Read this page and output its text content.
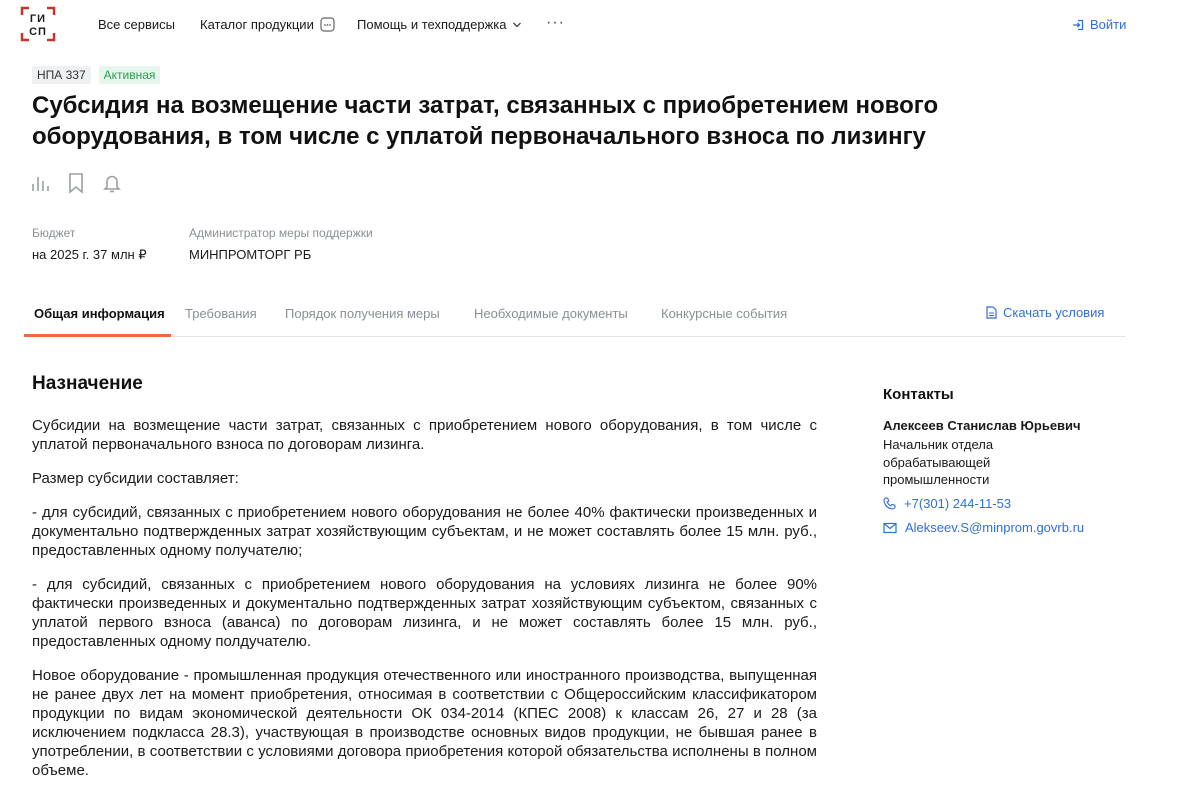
ГИ
СП	Все сервисы Каталог продукции	Помощь и техподдержка ···	Войти
НПА 337	Активная
Субсидия на возмещение части затрат, связанных с приобретением нового оборудования, в том числе с уплатой первоначального взноса по лизингу
Бюджет
на 2025 г. 37 млн ₽
Администратор меры поддержки
МИНПРОМТОРГ РБ
Общая информация Требования Порядок получения меры	Необходимые документы	Конкурсные события	Скачать условия
Назначение

Субсидии на возмещение части затрат, связанных с приобретением нового оборудования, в том числе с уплатой первоначального взноса по договорам лизинга.

Размер субсидии составляет:

- для субсидий, связанных с приобретением нового оборудования не более 40% фактически произведенных и документально подтвержденных затрат хозяйствующим субъектам, и не может составлять более 15 млн. руб., предоставленных одному получателю;

- для субсидий, связанных с приобретением нового оборудования на условиях лизинга не более 90% фактически произведенных и документально подтвержденных затрат хозяйствующим субъектом, связанных с уплатой первого взноса (аванса) по договорам лизинга, и не может составлять более 15 млн. руб., предоставленных одному полдучателю.

Новое оборудование - промышленная продукция отечественного или иностранного производства, выпущенная не ранее двух лет на момент приобретения, относимая в соответствии с Общероссийским классификатором продукции по видам экономической деятельности ОК 034-2014 (КПЕС 2008) к классам 26, 27 и 28 (за исключением подкласса 28.3), участвующая в производстве основных видов продукции, не бывшая ранее в употреблении, в соответствии с условиями договора приобретения которой обязательства исполнены в полном объеме.

Контакты
Алексеев Станислав Юрьевич
Начальник отдела обрабатывающей промышленности
+7(301) 244-11-53
Alekseev.S@minprom.govrb.ru
